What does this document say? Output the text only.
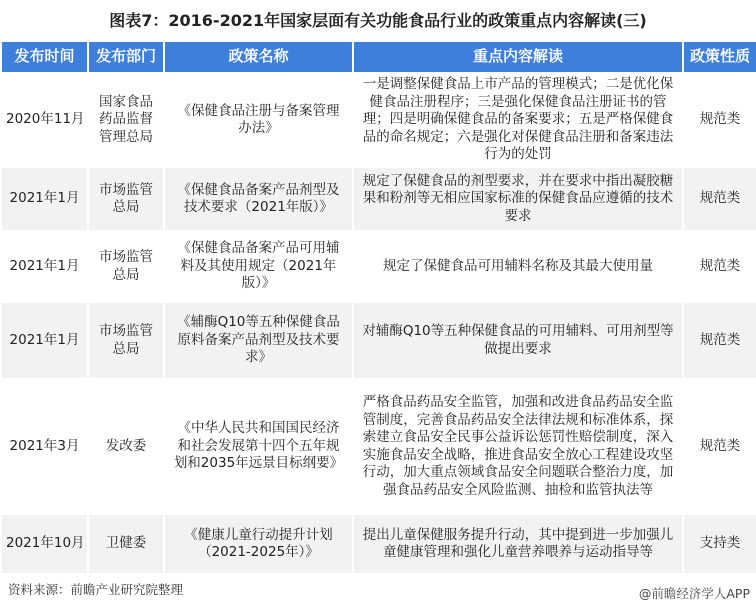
图表7：2016-2021年国家层面有关功能食品行业的政策重点内容解读(三)
发布时间	发布部门	政策名称	重点内容解读	政策性质
2020年11月	国家食品药品监督管理总局	《保健食品注册与备案管理办法》	一是调整保健食品上市产品的管理模式；二是优化保健食品注册程序；三是强化保健食品注册证书的管理；四是明确保健食品的备案要求；五是严格保健食品的命名规定；六是强化对保健食品注册和备案违法行为的处罚	规范类
2021年1月	市场监管总局	《保健食品备案产品剂型及技术要求（2021年版）》	规定了保健食品的剂型要求，并在要求中指出凝胶糖果和粉剂等无相应国家标准的保健食品应遵循的技术要求	规范类
2021年1月	市场监管总局	《保健食品备案产品可用辅料及其使用规定（2021年版）》	规定了保健食品可用辅料名称及其最大使用量	规范类
2021年1月	市场监管总局	《辅酶Q10等五种保健食品原料备案产品剂型及技术要求》	对辅酶Q10等五种保健食品的可用辅料、可用剂型等做提出要求	规范类
2021年3月	发改委	《中华人民共和国国民经济和社会发展第十四个五年规划和2035年远景目标纲要》	严格食品药品安全监管，加强和改进食品药品安全监管制度，完善食品药品安全法律法规和标准体系，探索建立食品安全民事公益诉讼惩罚性赔偿制度，深入实施食品安全战略，推进食品安全放心工程建设攻坚行动，加大重点领域食品安全问题联合整治力度，加强食品药品安全风险监测、抽检和监管执法等	规范类
2021年10月	卫健委	《健康儿童行动提升计划（2021-2025年）》	提出儿童保健服务提升行动，其中提到进一步加强儿童健康管理和强化儿童营养喂养与运动指导等	支持类
资料来源：前瞻产业研究院整理	@前瞻经济学人APP
